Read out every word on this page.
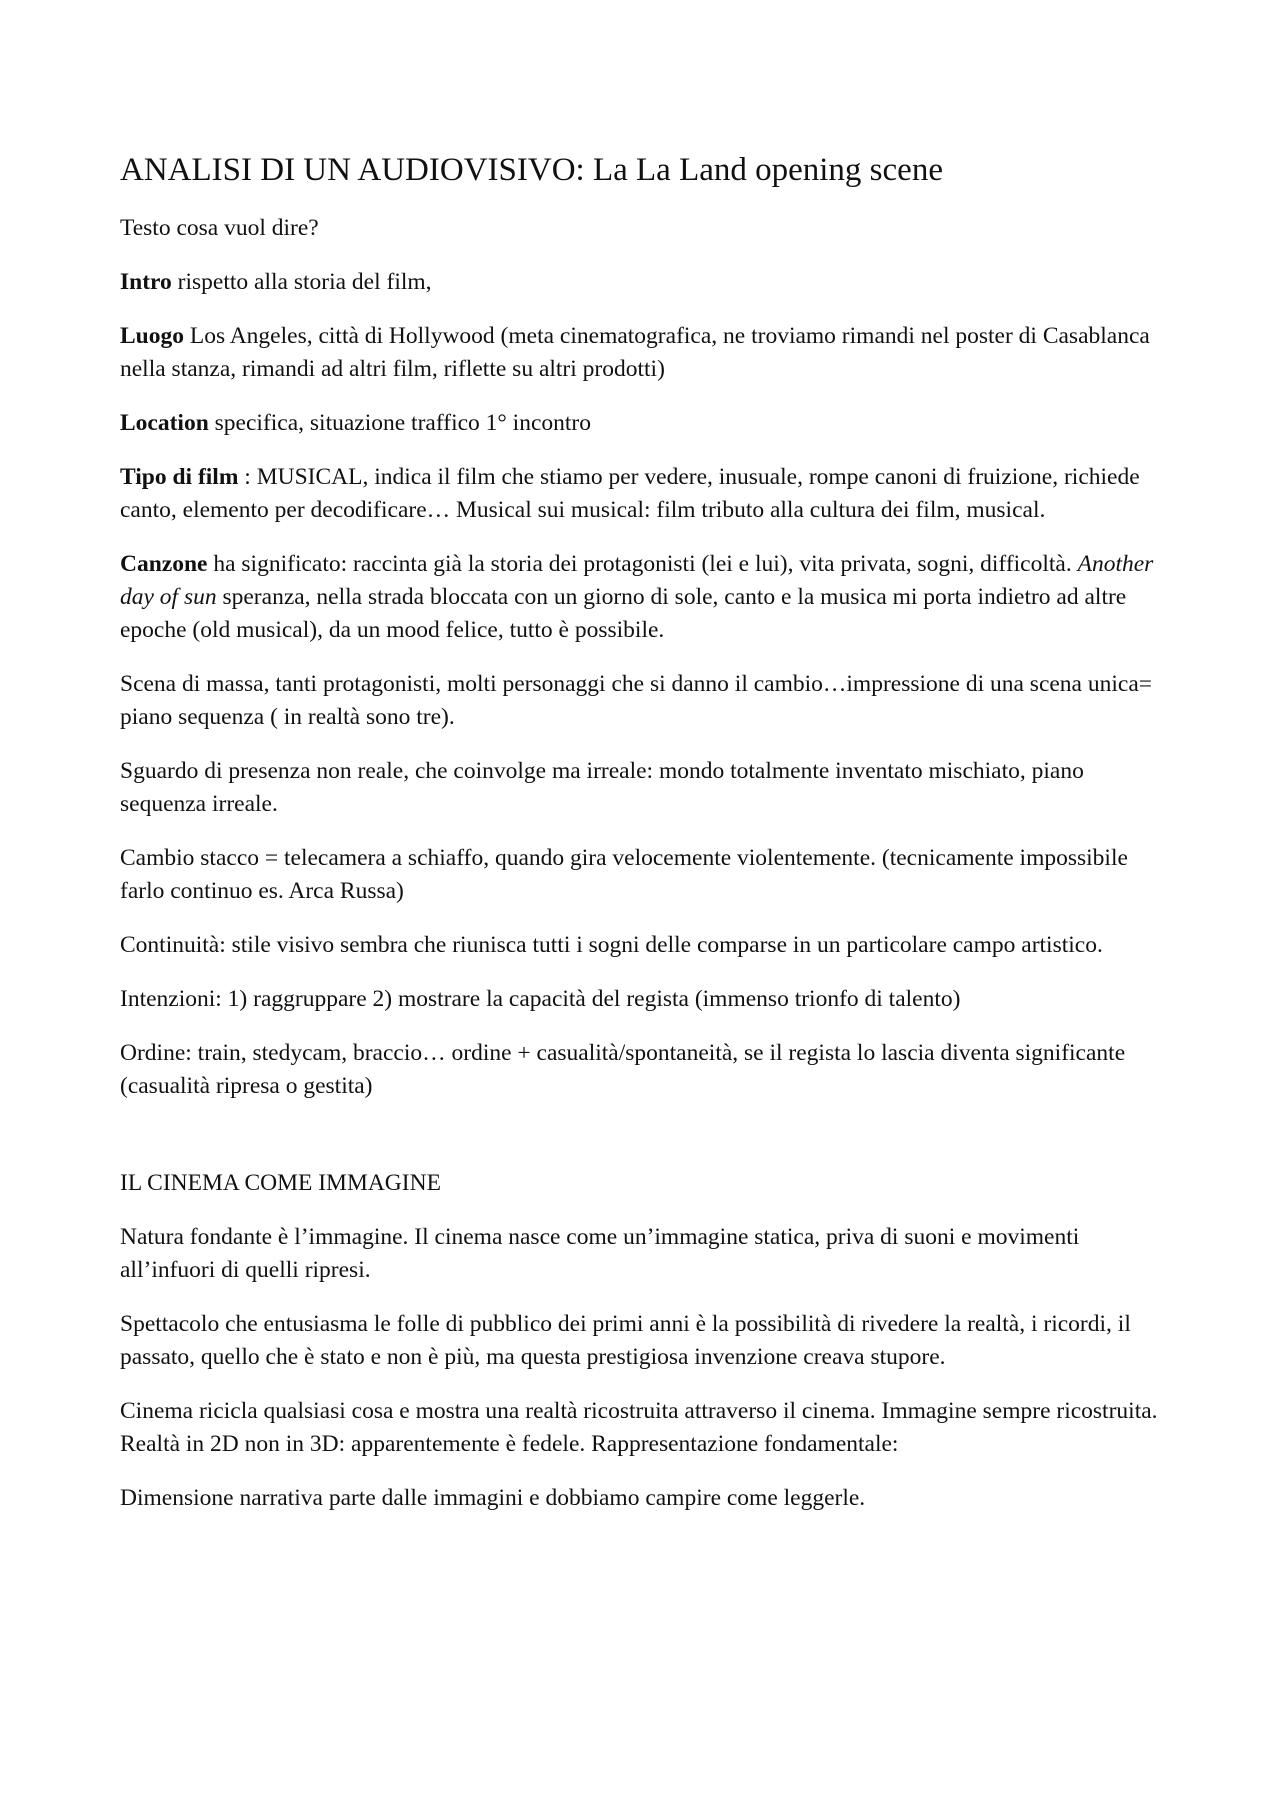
ANALISI DI UN AUDIOVISIVO: La La Land opening scene

Testo cosa vuol dire?

Intro rispetto alla storia del film,

Luogo Los Angeles, città di Hollywood (meta cinematografica, ne troviamo rimandi nel poster di Casablanca nella stanza, rimandi ad altri film, riflette su altri prodotti)

Location specifica, situazione traffico 1° incontro

Tipo di film : MUSICAL, indica il film che stiamo per vedere, inusuale, rompe canoni di fruizione, richiede canto, elemento per decodificare… Musical sui musical: film tributo alla cultura dei film, musical.

Canzone ha significato: raccinta già la storia dei protagonisti (lei e lui), vita privata, sogni, difficoltà. Another day of sun speranza, nella strada bloccata con un giorno di sole, canto e la musica mi porta indietro ad altre epoche (old musical), da un mood felice, tutto è possibile.

Scena di massa, tanti protagonisti, molti personaggi che si danno il cambio…impressione di una scena unica= piano sequenza ( in realtà sono tre).

Sguardo di presenza non reale, che coinvolge ma irreale: mondo totalmente inventato mischiato, piano sequenza irreale.

Cambio stacco = telecamera a schiaffo, quando gira velocemente violentemente. (tecnicamente impossibile farlo continuo es. Arca Russa)

Continuità: stile visivo sembra che riunisca tutti i sogni delle comparse in un particolare campo artistico.

Intenzioni: 1) raggruppare 2) mostrare la capacità del regista (immenso trionfo di talento)

Ordine: train, stedycam, braccio… ordine + casualità/spontaneità, se il regista lo lascia diventa significante (casualità ripresa o gestita)

IL CINEMA COME IMMAGINE

Natura fondante è l’immagine. Il cinema nasce come un’immagine statica, priva di suoni e movimenti all’infuori di quelli ripresi.

Spettacolo che entusiasma le folle di pubblico dei primi anni è la possibilità di rivedere la realtà, i ricordi, il passato, quello che è stato e non è più, ma questa prestigiosa invenzione creava stupore.

Cinema ricicla qualsiasi cosa e mostra una realtà ricostruita attraverso il cinema. Immagine sempre ricostruita. Realtà in 2D non in 3D: apparentemente è fedele. Rappresentazione fondamentale:

Dimensione narrativa parte dalle immagini e dobbiamo campire come leggerle.
